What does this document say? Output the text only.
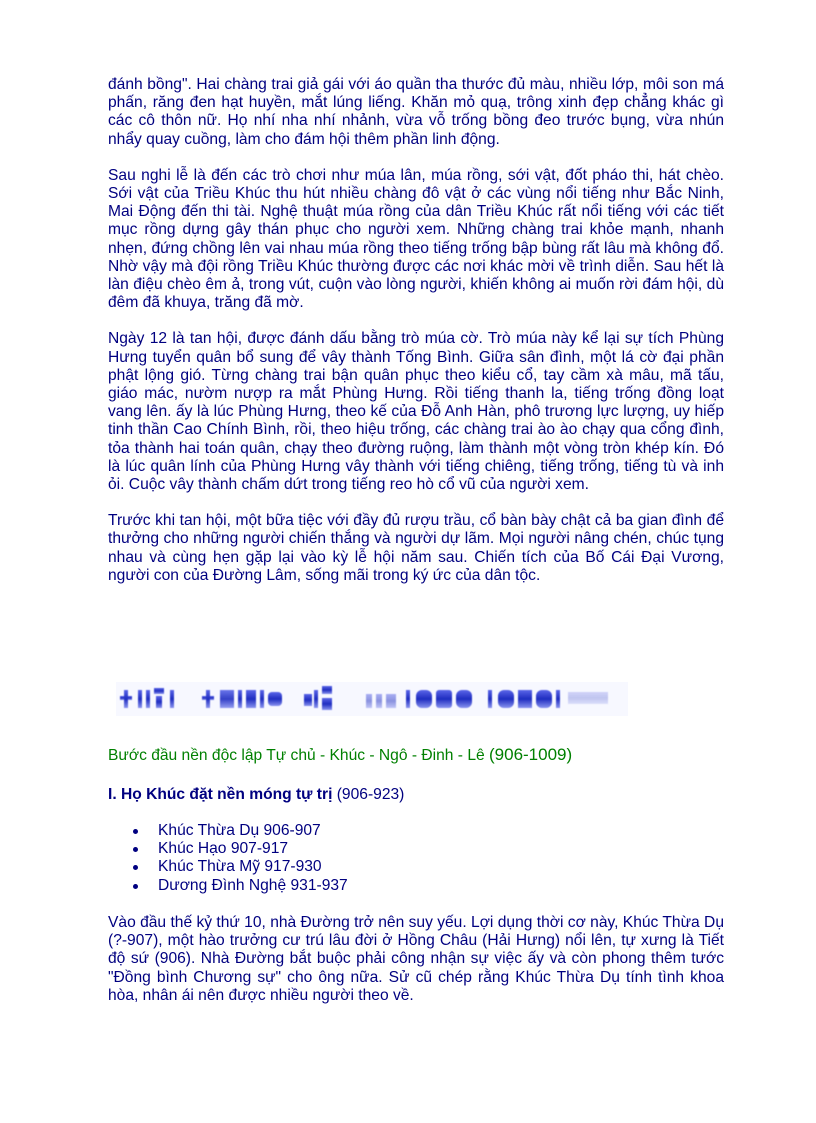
đánh bồng". Hai chàng trai giả gái với áo quần tha thước đủ màu, nhiều lớp, môi son má phấn, răng đen hạt huyền, mắt lúng liếng. Khăn mỏ quạ, trông xinh đẹp chẳng khác gì các cô thôn nữ. Họ nhí nha nhí nhảnh, vừa vỗ trống bồng đeo trước bụng, vừa nhún nhẩy quay cuồng, làm cho đám hội thêm phần linh động.

Sau nghi lễ là đến các trò chơi như múa lân, múa rồng, sới vật, đốt pháo thi, hát chèo. Sới vật của Triều Khúc thu hút nhiều chàng đô vật ở các vùng nổi tiếng như Bắc Ninh, Mai Động đến thi tài. Nghệ thuật múa rồng của dân Triều Khúc rất nổi tiếng với các tiết mục rồng dựng gây thán phục cho người xem. Những chàng trai khỏe mạnh, nhanh nhẹn, đứng chồng lên vai nhau múa rồng theo tiếng trống bập bùng rất lâu mà không đổ. Nhờ vậy mà đội rồng Triều Khúc thường được các nơi khác mời về trình diễn. Sau hết là làn điệu chèo êm ả, trong vút, cuộn vào lòng người, khiến không ai muốn rời đám hội, dù đêm đã khuya, trăng đã mờ.

Ngày 12 là tan hội, được đánh dấu bằng trò múa cờ. Trò múa này kể lại sự tích Phùng Hưng tuyển quân bổ sung để vây thành Tống Bình. Giữa sân đình, một lá cờ đại phần phật lộng gió. Từng chàng trai bận quân phục theo kiểu cổ, tay cầm xà mâu, mã tấu, giáo mác, nườm nượp ra mắt Phùng Hưng. Rồi tiếng thanh la, tiếng trống đồng loạt vang lên. ấy là lúc Phùng Hưng, theo kế của Đỗ Anh Hàn, phô trương lực lượng, uy hiếp tinh thần Cao Chính Bình, rồi, theo hiệu trống, các chàng trai ào ào chạy qua cổng đình, tỏa thành hai toán quân, chạy theo đường ruộng, làm thành một vòng tròn khép kín. Đó là lúc quân lính của Phùng Hưng vây thành với tiếng chiêng, tiếng trống, tiếng tù và inh ỏi. Cuộc vây thành chấm dứt trong tiếng reo hò cổ vũ của người xem.

Trước khi tan hội, một bữa tiệc với đầy đủ rượu trầu, cổ bàn bày chật cả ba gian đình để thưởng cho những người chiến thắng và người dự lãm. Mọi người nâng chén, chúc tụng nhau và cùng hẹn gặp lại vào kỳ lễ hội năm sau. Chiến tích của Bố Cái Đại Vương, người con của Đường Lâm, sống mãi trong ký ức của dân tộc.

Bước đầu nền độc lập Tự chủ - Khúc - Ngô - Đinh - Lê (906-1009)
I. Họ Khúc đặt nền móng tự trị (906-923)
Khúc Thừa Dụ 906-907
Khúc Hạo 907-917
Khúc Thừa Mỹ 917-930
Dương Đình Nghệ 931-937

Vào đầu thế kỷ thứ 10, nhà Đường trở nên suy yếu. Lợi dụng thời cơ này, Khúc Thừa Dụ (?-907), một hào trưởng cư trú lâu đời ở Hồng Châu (Hải Hưng) nổi lên, tự xưng là Tiết độ sứ (906). Nhà Đường bắt buộc phải công nhận sự việc ấy và còn phong thêm tước "Đồng bình Chương sự" cho ông nữa. Sử cũ chép rằng Khúc Thừa Dụ tính tình khoa hòa, nhân ái nên được nhiều người theo về.
